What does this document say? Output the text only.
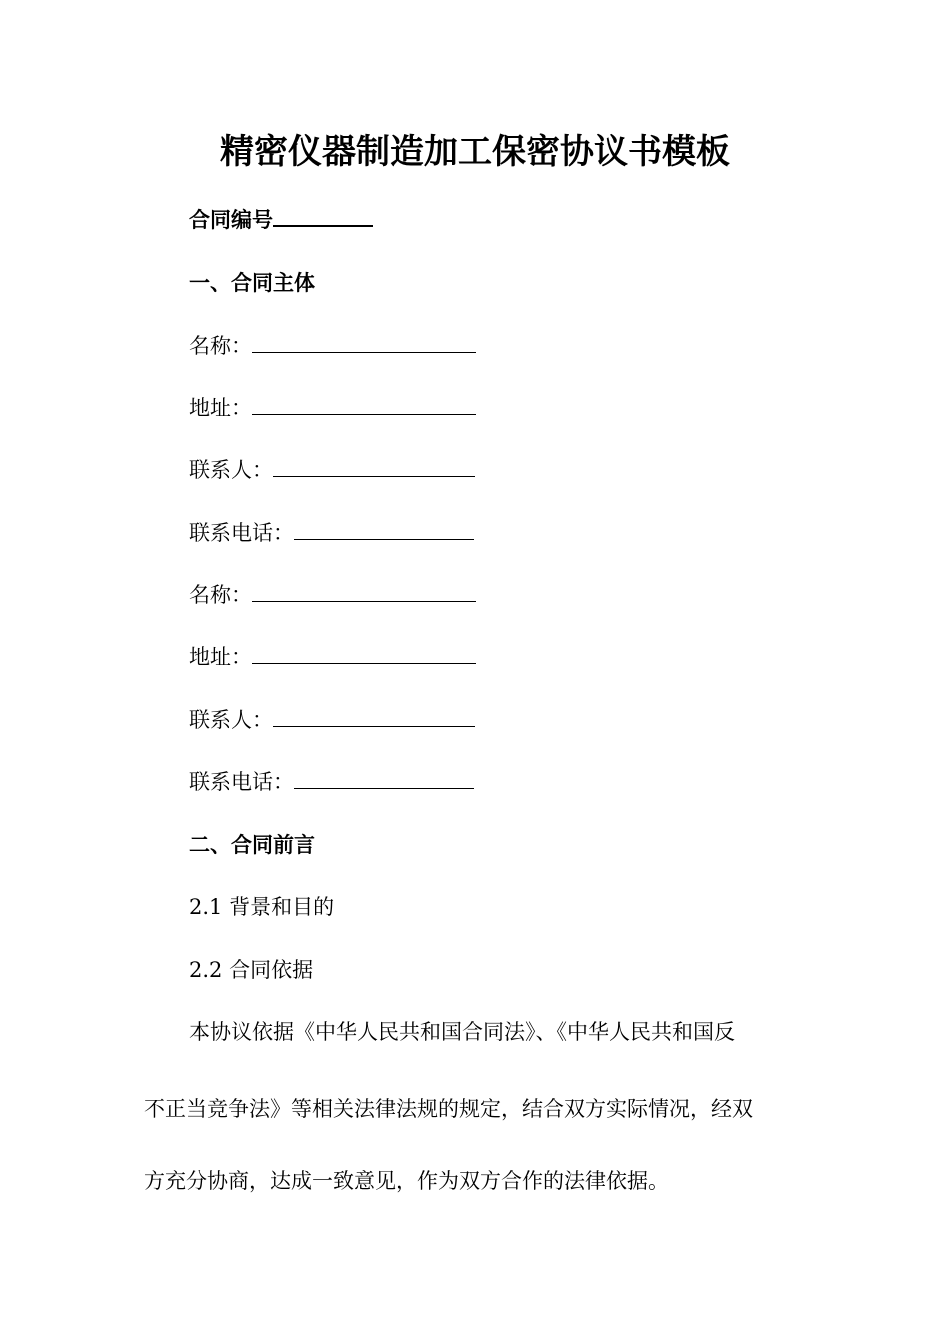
精密仪器制造加工保密协议书模板
合同编号
一、合同主体
名称：
地址：
联系人：
联系电话：
名称：
地址：
联系人：
联系电话：
二、合同前言
2.1 背景和目的
2.2 合同依据
本协议依据《中华人民共和国合同法》、《中华人民共和国反
不正当竞争法》等相关法律法规的规定，结合双方实际情况，经双
方充分协商，达成一致意见，作为双方合作的法律依据。
